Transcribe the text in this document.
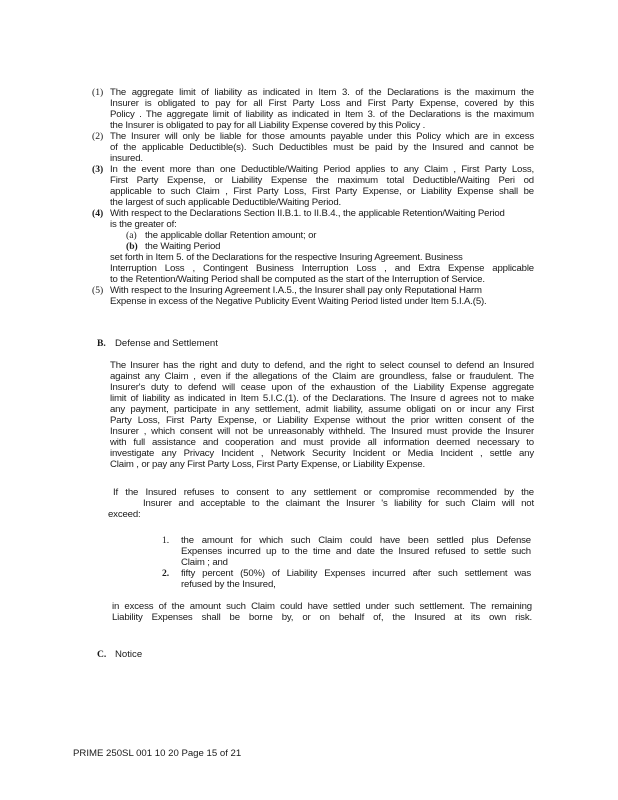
(1) The aggregate limit of liability as indicated in Item 3. of the Declarations is the maximum the
Insurer is obligated to pay for all First Party Loss and First Party Expense, covered by this
Policy . The aggregate limit of liability as indicated in Item 3. of the Declarations is the maximum
the Insurer is obligated to pay for all Liability Expense covered by this Policy .
(2) The Insurer will only be liable for those amounts payable under this Policy which are in excess
of the applicable Deductible(s). Such Deductibles must be paid by the Insured and cannot be
insured.
(3) In the event more than one Deductible/Waiting Period applies to any Claim , First Party Loss,
First Party Expense, or Liability Expense the maximum total Deductible/Waiting Peri od
applicable to such Claim , First Party Loss, First Party Expense, or Liability Expense shall be
the largest of such applicable Deductible/Waiting Period.
(4) With respect to the Declarations Section II.B.1. to II.B.4., the applicable Retention/Waiting Period
is the greater of:
(a) the applicable dollar Retention amount; or
(b) the Waiting Period
set forth in Item 5. of the Declarations for the respective Insuring Agreement. Business
Interruption Loss , Contingent Business Interruption Loss , and Extra Expense applicable
to the Retention/Waiting Period shall be computed as the start of the Interruption of Service.
(5) With respect to the Insuring Agreement I.A.5., the Insurer shall pay only Reputational Harm
Expense in excess of the Negative Publicity Event Waiting Period listed under Item 5.I.A.(5).
B. Defense and Settlement
The Insurer has the right and duty to defend, and the right to select counsel to defend an Insured
against any Claim , even if the allegations of the Claim are groundless, false or fraudulent. The
Insurer's duty to defend will cease upon of the exhaustion of the Liability Expense aggregate
limit of liability as indicated in Item 5.I.C.(1). of the Declarations. The Insure d agrees not to make
any payment, participate in any settlement, admit liability, assume obligati on or incur any First
Party Loss, First Party Expense, or Liability Expense without the prior written consent of the
Insurer , which consent will not be unreasonably withheld. The Insured must provide the Insurer
with full assistance and cooperation and must provide all information deemed necessary to
investigate any Privacy Incident , Network Security Incident or Media Incident , settle any
Claim , or pay any First Party Loss, First Party Expense, or Liability Expense.
If the Insured refuses to consent to any settlement or compromise recommended by the
Insurer and acceptable to the claimant the Insurer 's liability for such Claim will not
exceed:
1. the amount for which such Claim could have been settled plus Defense
Expenses incurred up to the time and date the Insured refused to settle such
Claim ; and
2. fifty percent (50%) of Liability Expenses incurred after such settlement was
refused by the Insured,
in excess of the amount such Claim could have settled under such settlement. The remaining
Liability Expenses shall be borne by, or on behalf of, the Insured at its own risk.
C. Notice
PRIME 250SL 001 10 20 Page 15 of 21
